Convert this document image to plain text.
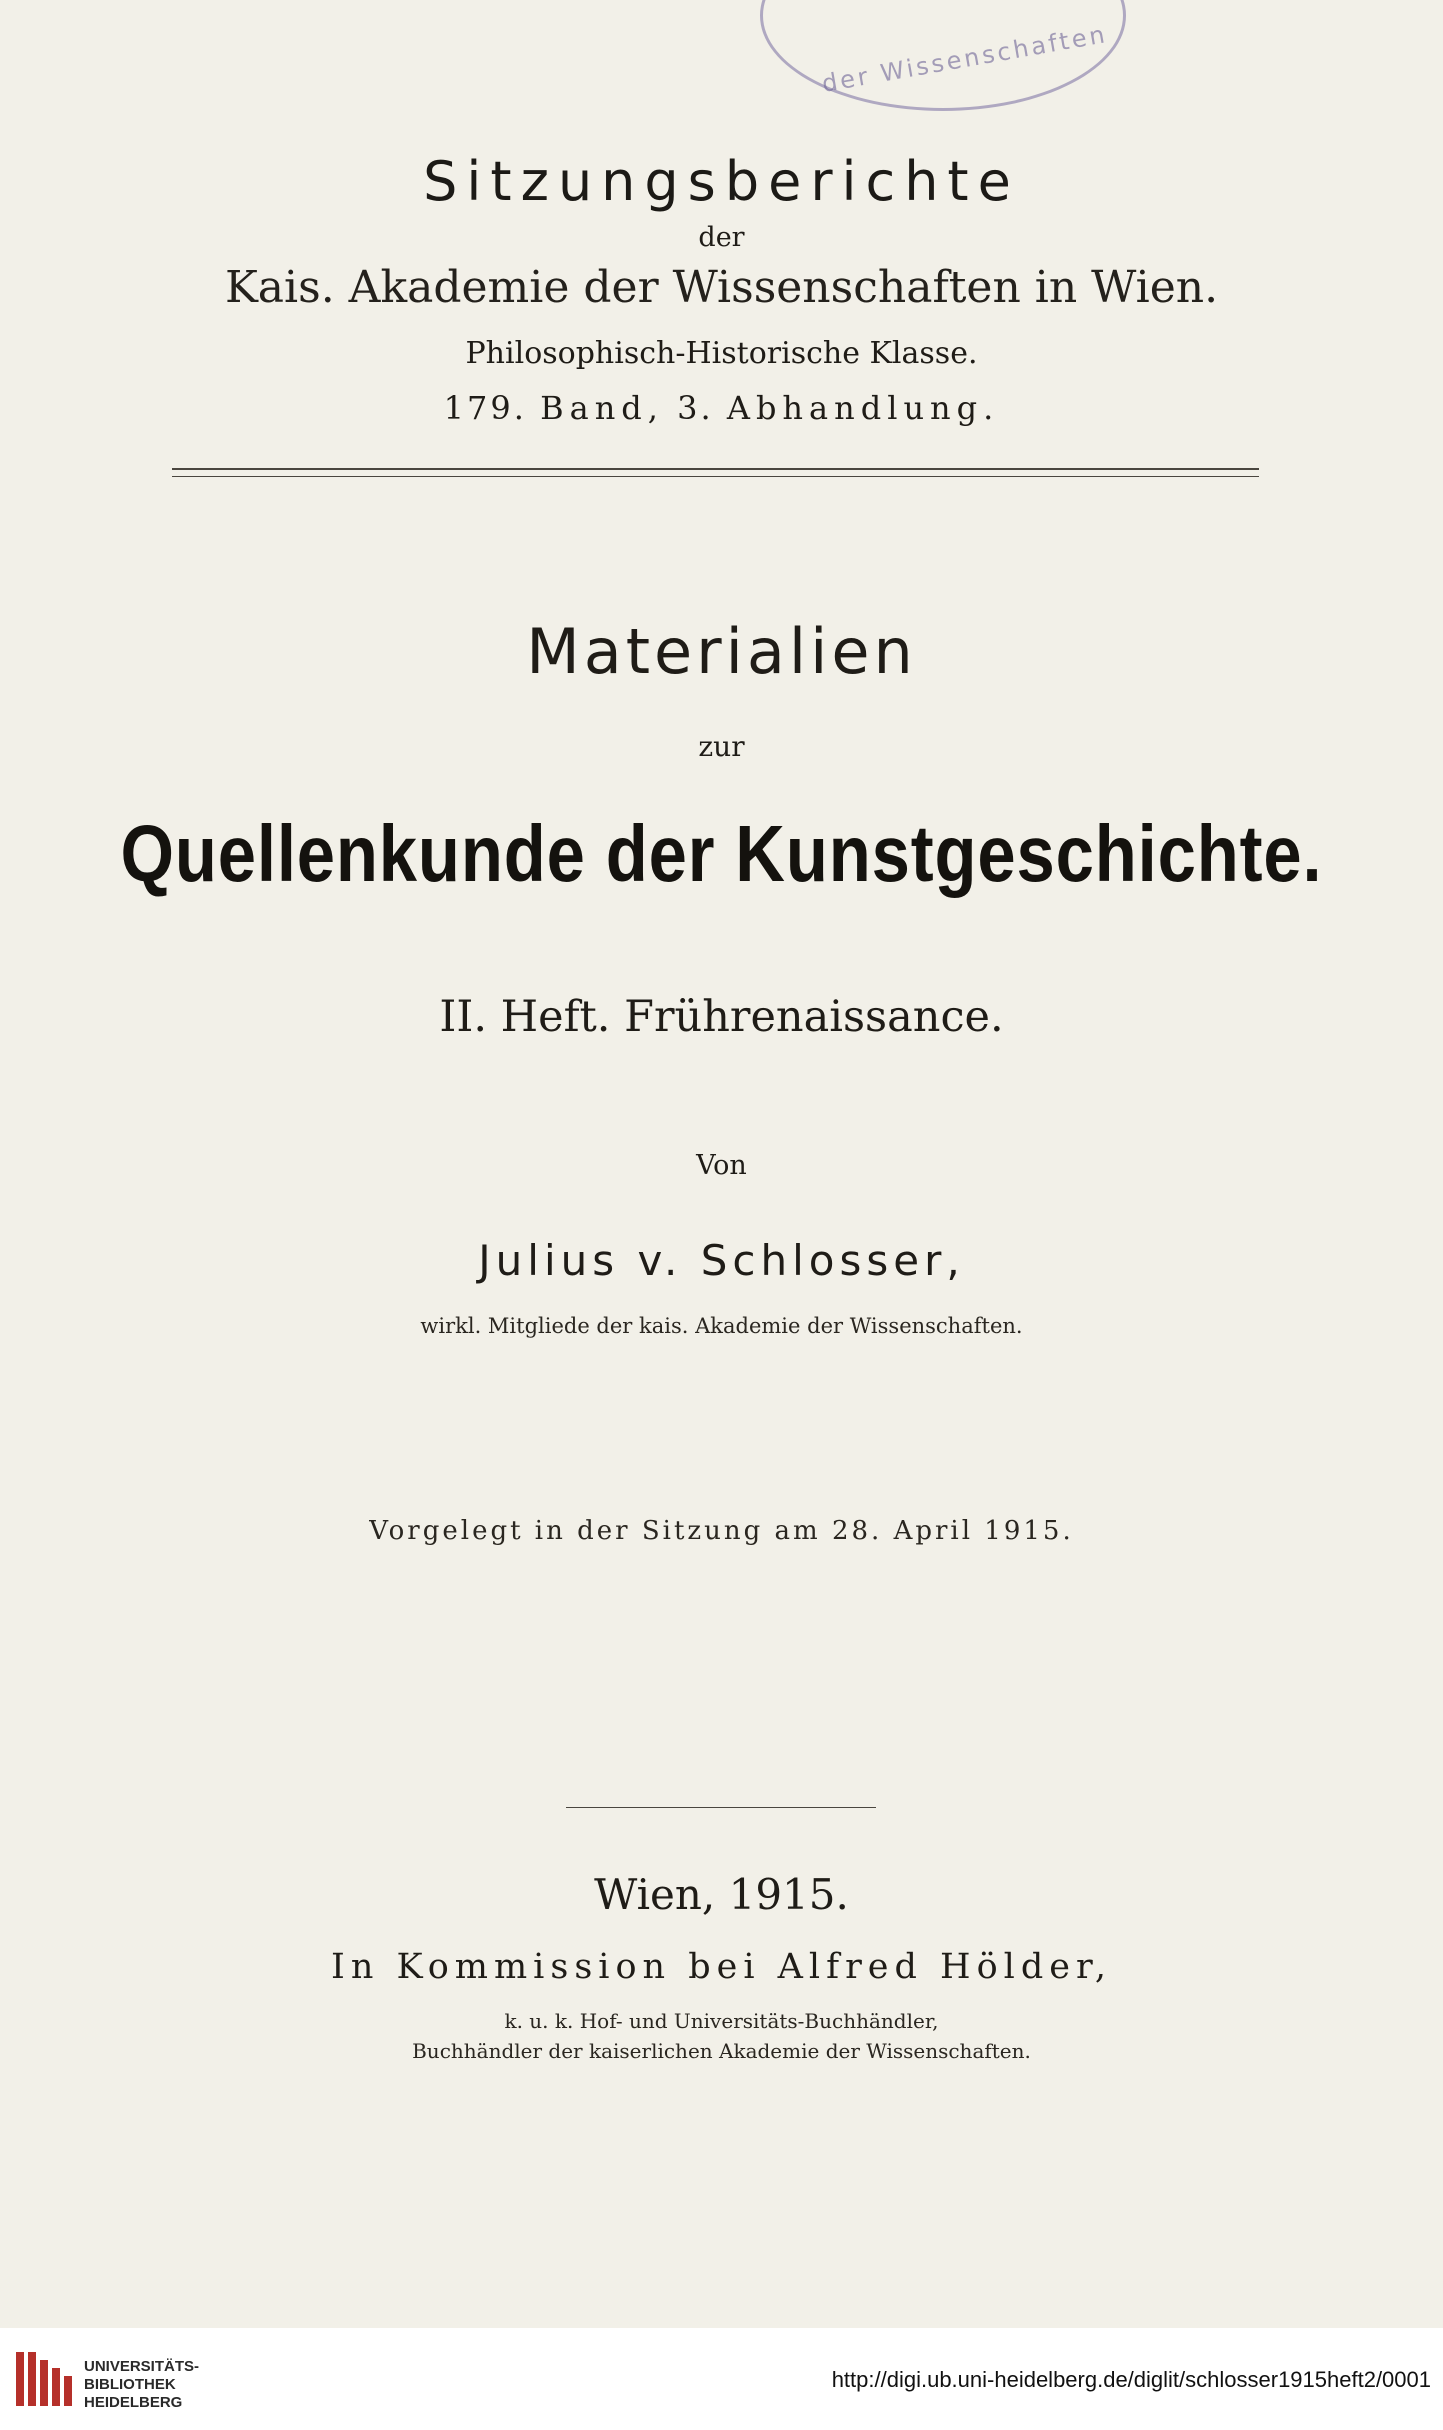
der Wissenschaften
Sitzungsberichte
der
Kais. Akademie der Wissenschaften in Wien.
Philosophisch-Historische Klasse.
179. Band, 3. Abhandlung.
Materialien
zur
Quellenkunde der Kunstgeschichte.
II. Heft. Frührenaissance.
Von
Julius v. Schlosser,
wirkl. Mitgliede der kais. Akademie der Wissenschaften.
Vorgelegt in der Sitzung am 28. April 1915.
Wien, 1915.
In Kommission bei Alfred Hölder,
k. u. k. Hof- und Universitäts-Buchhändler,
Buchhändler der kaiserlichen Akademie der Wissenschaften.
UNIVERSITÄTS-
BIBLIOTHEK
HEIDELBERG
http://digi.ub.uni-heidelberg.de/diglit/schlosser1915heft2/0001
